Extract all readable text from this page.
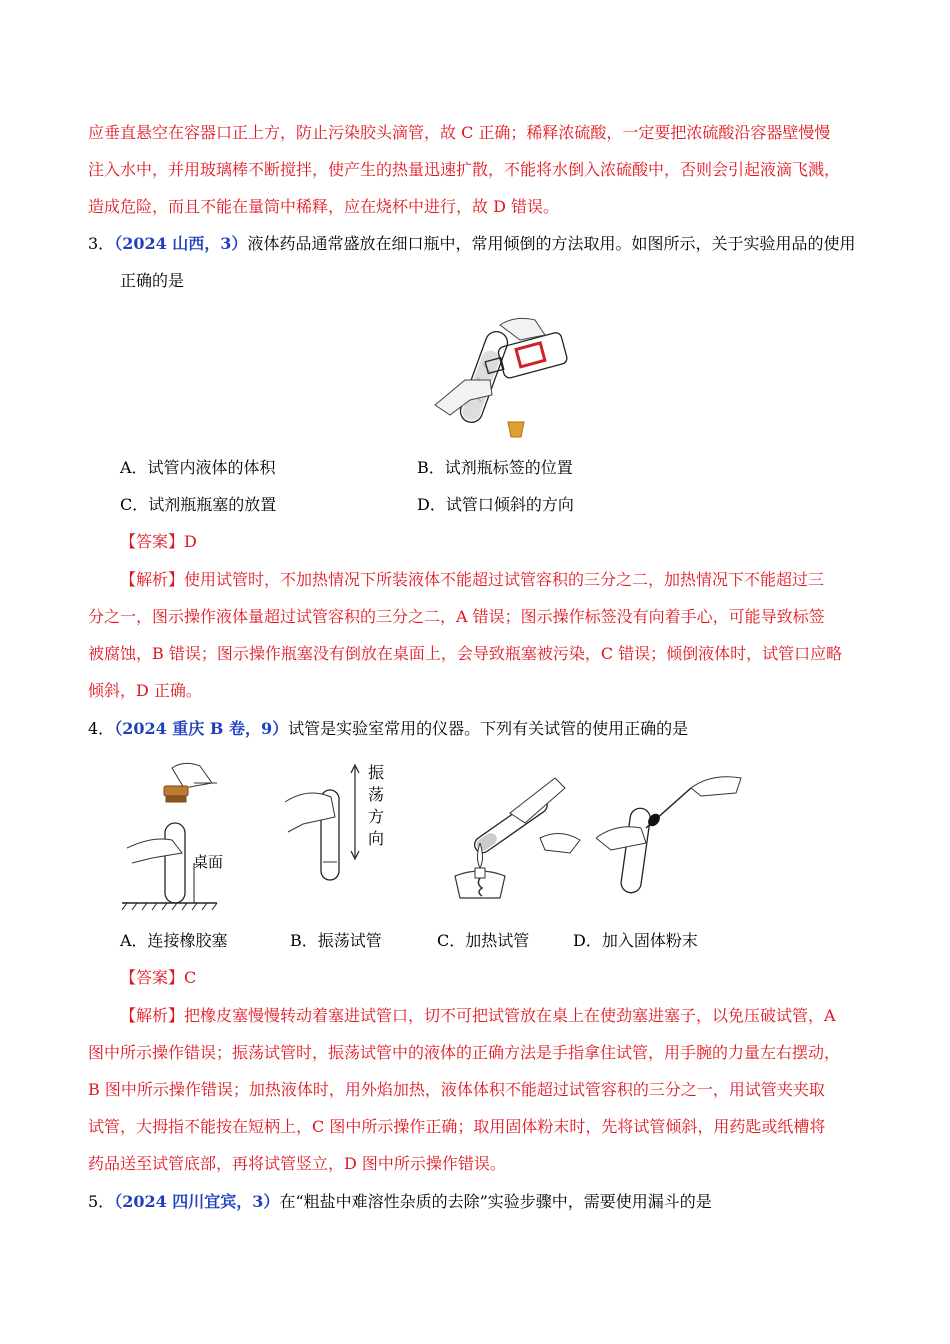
应垂直悬空在容器口正上方，防止污染胶头滴管，故 C 正确；稀释浓硫酸，一定要把浓硫酸沿容器壁慢慢
注入水中，并用玻璃棒不断搅拌，使产生的热量迅速扩散，不能将水倒入浓硫酸中，否则会引起液滴飞溅，
造成危险，而且不能在量筒中稀释，应在烧杯中进行，故 D 错误。
3．（2024 山西，3）液体药品通常盛放在细口瓶中，常用倾倒的方法取用。如图所示，关于实验用品的使用
正确的是
A．试管内液体的体积	B．试剂瓶标签的位置
C．试剂瓶瓶塞的放置	D．试管口倾斜的方向
【答案】D
【解析】使用试管时，不加热情况下所装液体不能超过试管容积的三分之二，加热情况下不能超过三
分之一，图示操作液体量超过试管容积的三分之二，A 错误；图示操作标签没有向着手心，可能导致标签
被腐蚀，B 错误；图示操作瓶塞没有倒放在桌面上，会导致瓶塞被污染，C 错误；倾倒液体时，试管口应略
倾斜，D 正确。
4．（2024 重庆 B 卷，9）试管是实验室常用的仪器。下列有关试管的使用正确的是
桌面
振
荡
方
向
A．连接橡胶塞	B．振荡试管	C．加热试管	D．加入固体粉末
【答案】C
【解析】把橡皮塞慢慢转动着塞进试管口，切不可把试管放在桌上在使劲塞进塞子，以免压破试管，A
图中所示操作错误；振荡试管时，振荡试管中的液体的正确方法是手指拿住试管，用手腕的力量左右摆动，
B 图中所示操作错误；加热液体时，用外焰加热，液体体积不能超过试管容积的三分之一，用试管夹夹取
试管，大拇指不能按在短柄上，C 图中所示操作正确；取用固体粉末时，先将试管倾斜，用药匙或纸槽将
药品送至试管底部，再将试管竖立，D 图中所示操作错误。
5．（2024 四川宜宾，3）在“粗盐中难溶性杂质的去除”实验步骤中，需要使用漏斗的是
